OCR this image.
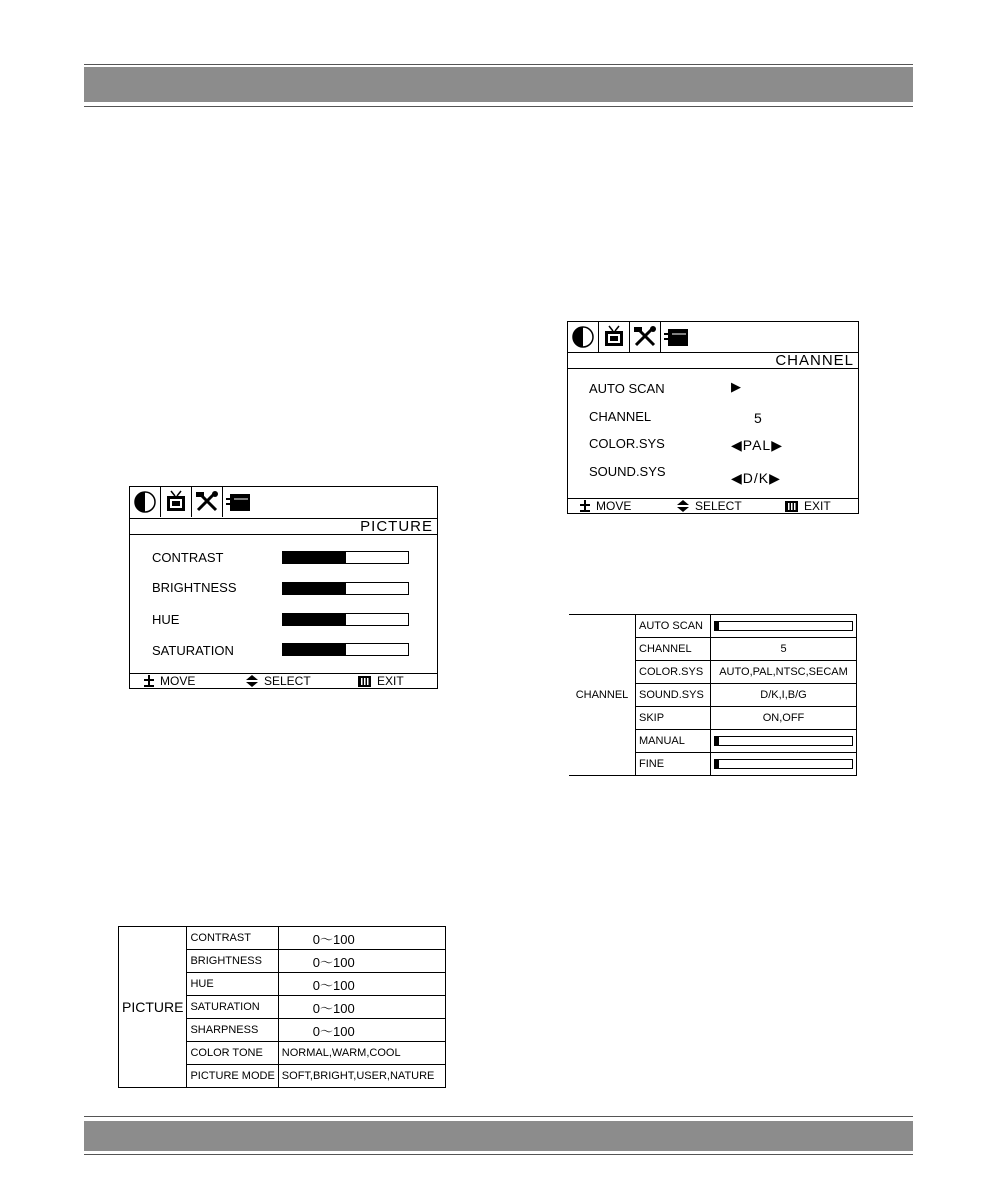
PICTURE
CONTRAST
BRIGHTNESS
HUE
SATURATION
MOVE	SELECT	EXIT
CHANNEL
AUTO SCAN	▶
CHANNEL	5
COLOR.SYS	◀PAL▶
SOUND.SYS	◀D/K▶
MOVE	SELECT	EXIT
CHANNEL	AUTO SCAN	

	CHANNEL	5
	COLOR.SYS	AUTO,PAL,NTSC,SECAM
	SOUND.SYS	D/K,I,B/G
	SKIP	ON,OFF
	MANUAL	

	FINE	
PICTURE	CONTRAST	0～100
	BRIGHTNESS	0～100
	HUE	0～100
	SATURATION	0～100
	SHARPNESS	0～100
	COLOR TONE	NORMAL,WARM,COOL
	PICTURE MODE	SOFT,BRIGHT,USER,NATURE
